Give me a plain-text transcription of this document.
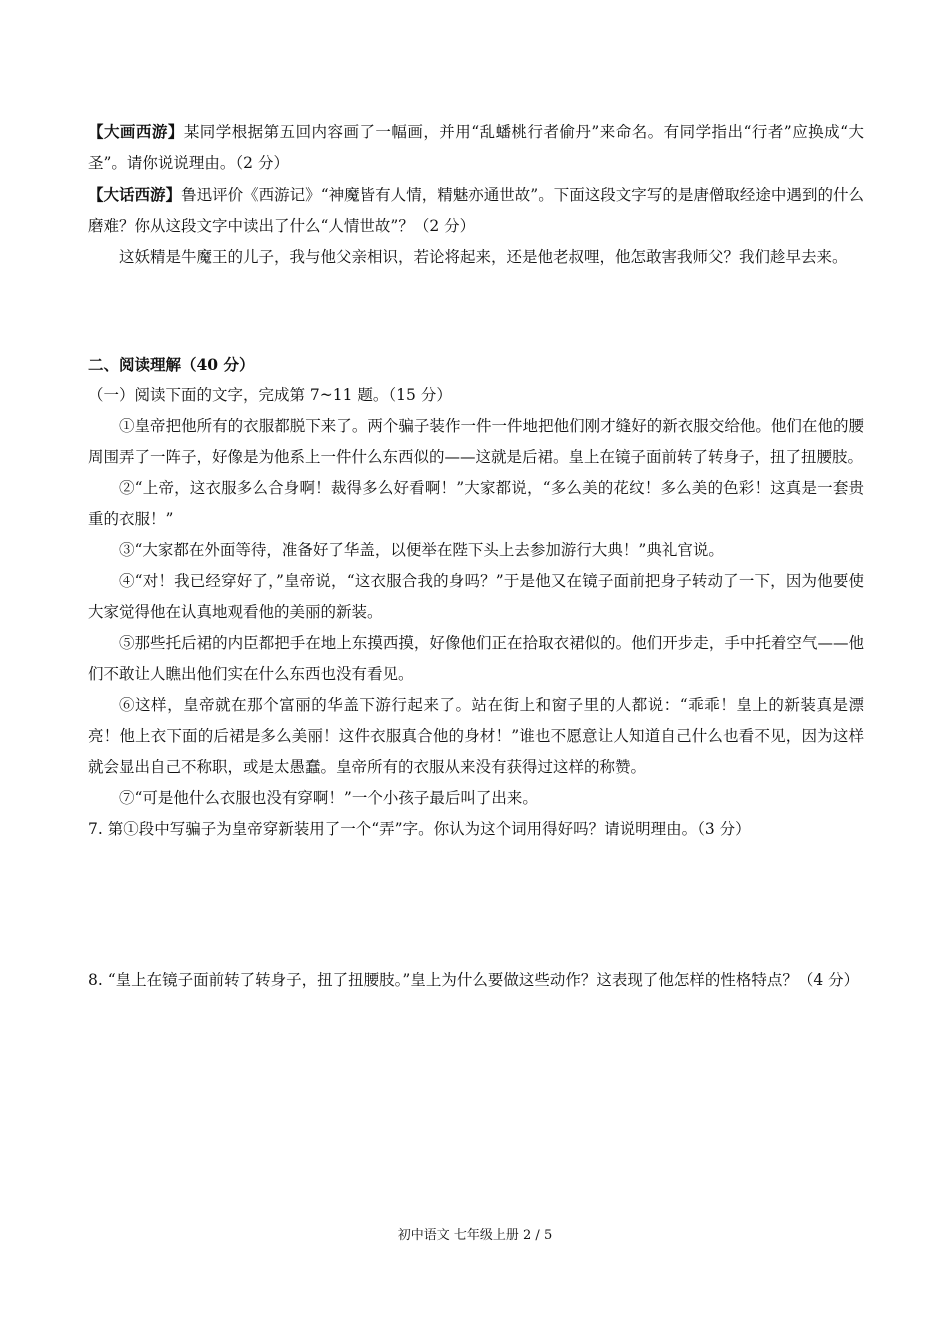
【大画西游】某同学根据第五回内容画了一幅画，并用“乱蟠桃行者偷丹”来命名。有同学指出“行者”应换成“大圣”。请你说说理由。（2 分）

【大话西游】鲁迅评价《西游记》“神魔皆有人情，精魅亦通世故”。下面这段文字写的是唐僧取经途中遇到的什么磨难？你从这段文字中读出了什么“人情世故”？（2 分）

这妖精是牛魔王的儿子，我与他父亲相识，若论将起来，还是他老叔哩，他怎敢害我师父？我们趁早去来。

二、阅读理解（40 分）

（一）阅读下面的文字，完成第 7~11 题。（15 分）

①皇帝把他所有的衣服都脱下来了。两个骗子装作一件一件地把他们刚才缝好的新衣服交给他。他们在他的腰周围弄了一阵子，好像是为他系上一件什么东西似的——这就是后裙。皇上在镜子面前转了转身子，扭了扭腰肢。

②“上帝，这衣服多么合身啊！裁得多么好看啊！”大家都说，“多么美的花纹！多么美的色彩！这真是一套贵重的衣服！”

③“大家都在外面等待，准备好了华盖，以便举在陛下头上去参加游行大典！”典礼官说。

④“对！我已经穿好了，”皇帝说，“这衣服合我的身吗？”于是他又在镜子面前把身子转动了一下，因为他要使大家觉得他在认真地观看他的美丽的新装。

⑤那些托后裙的内臣都把手在地上东摸西摸，好像他们正在拾取衣裙似的。他们开步走，手中托着空气——他们不敢让人瞧出他们实在什么东西也没有看见。

⑥这样，皇帝就在那个富丽的华盖下游行起来了。站在街上和窗子里的人都说：“乖乖！皇上的新装真是漂亮！他上衣下面的后裙是多么美丽！这件衣服真合他的身材！”谁也不愿意让人知道自己什么也看不见，因为这样就会显出自己不称职，或是太愚蠢。皇帝所有的衣服从来没有获得过这样的称赞。

⑦“可是他什么衣服也没有穿啊！”一个小孩子最后叫了出来。

7. 第①段中写骗子为皇帝穿新装用了一个“弄”字。你认为这个词用得好吗？请说明理由。（3 分）

8. “皇上在镜子面前转了转身子，扭了扭腰肢。”皇上为什么要做这些动作？这表现了他怎样的性格特点？（4 分）

初中语文 七年级上册 2 / 5
